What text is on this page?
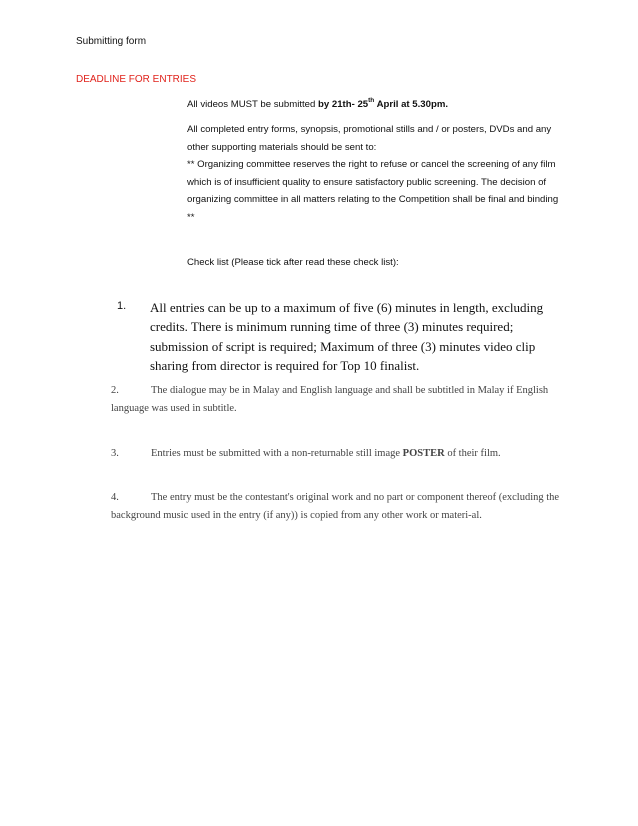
Submitting form
DEADLINE FOR ENTRIES
All videos MUST be submitted by 21th- 25th April at 5.30pm.
All completed entry forms, synopsis, promotional stills and / or posters, DVDs and any other supporting materials should be sent to:
** Organizing committee reserves the right to refuse or cancel the screening of any film which is of insufficient quality to ensure satisfactory public screening. The decision of organizing committee in all matters relating to the Competition shall be final and binding **
Check list (Please tick after read these check list):
1. All entries can be up to a maximum of five (6) minutes in length, excluding credits. There is minimum running time of three (3) minutes required; submission of script is required; Maximum of three (3) minutes video clip sharing from director is required for Top 10 finalist.
2.	The dialogue may be in Malay and English language and shall be subtitled in Malay if English language was used in subtitle.
3.	Entries must be submitted with a non-returnable still image POSTER of their film.
4.	The entry must be the contestant's original work and no part or component thereof (excluding the background music used in the entry (if any)) is copied from any other work or materi-al.
